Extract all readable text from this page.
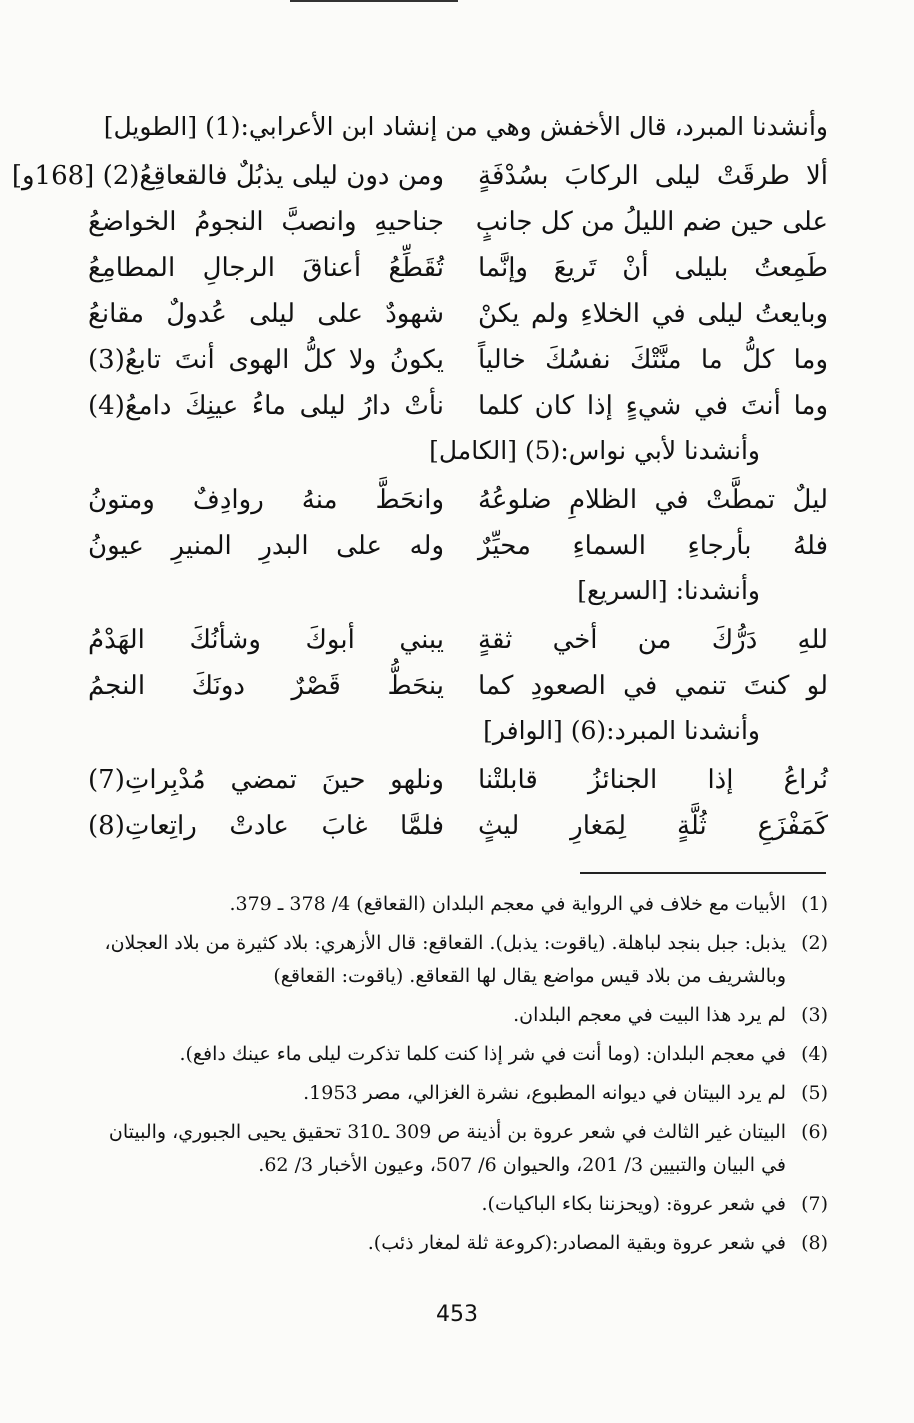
وأنشدنا المبرد، قال الأخفش وهي من إنشاد ابن الأعرابي:(1) [الطويل]
ألا طرقَتْ ليلى الركابَ بسُدْفَةٍ
ومن دون ليلى يذبُلٌ فالقعاقِعُ(2) [168و]
على حين ضم الليلُ من كل جانبٍ
جناحيهِ وانصبَّ النجومُ الخواضعُ
طَمِعتُ بليلى أنْ تَريعَ وإنَّما
تُقَطِّعُ أعناقَ الرجالِ المطامِعُ
وبايعتُ ليلى في الخلاءِ ولم يكنْ
شهودٌ على ليلى عُدولٌ مقانعُ
وما كلُّ ما منَّتْكَ نفسُكَ خالياً
يكونُ ولا كلُّ الهوى أنتَ تابعُ(3)
وما أنتَ في شيءٍ إذا كان كلما
نأتْ دارُ ليلى ماءُ عينِكَ دامعُ(4)
وأنشدنا لأبي نواس:(5) [الكامل]
ليلٌ تمطَّتْ في الظلامِ ضلوعُهُ
وانحَطَّ منهُ روادِفٌ ومتونُ
فلهُ بأرجاءِ السماءِ محيِّرٌ
وله على البدرِ المنيرِ عيونُ
وأنشدنا: [السريع]
للهِ دَرُّكَ من أخي ثقةٍ
يبني أبوكَ وشأنُكَ الهَدْمُ
لو كنتَ تنمي في الصعودِ كما
ينحَطُّ قَصْرٌ دونَكَ النجمُ
وأنشدنا المبرد:(6) [الوافر]
نُراعُ إذا الجنائزُ قابلتْنا
ونلهو حينَ تمضي مُدْبِراتِ(7)
كَمَفْزَعِ ثُلَّةٍ لِمَغارِ ليثٍ
فلمَّا غابَ عادتْ راتِعاتِ(8)
(1)
الأبيات مع خلاف في الرواية في معجم البلدان (القعاقع) 4/ 378 ـ 379.
(2)
يذبل: جبل بنجد لباهلة. (ياقوت: يذبل). القعاقع: قال الأزهري: بلاد كثيرة من بلاد العجلان، وبالشريف من بلاد قيس مواضع يقال لها القعاقع. (ياقوت: القعاقع)
(3)
لم يرد هذا البيت في معجم البلدان.
(4)
في معجم البلدان: (وما أنت في شر إذا كنت كلما تذكرت ليلى ماء عينك دافع).
(5)
لم يرد البيتان في ديوانه المطبوع، نشرة الغزالي، مصر 1953.
(6)
البيتان غير الثالث في شعر عروة بن أذينة ص 309 ـ310 تحقيق يحيى الجبوري، والبيتان في البيان والتبيين 3/ 201، والحيوان 6/ 507، وعيون الأخبار 3/ 62.
(7)
في شعر عروة: (ويحزننا بكاء الباكيات).
(8)
في شعر عروة وبقية المصادر:(كروعة ثلة لمغار ذئب).
453
